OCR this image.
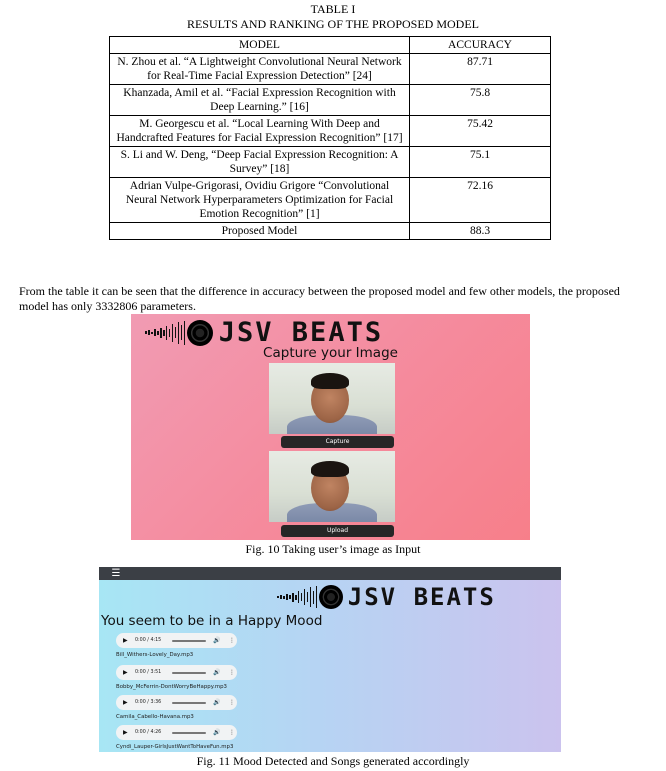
TABLE I
RESULTS AND RANKING OF THE PROPOSED MODEL
MODEL	ACCURACY
N. Zhou et al. “A Lightweight Convolutional Neural Network for Real-Time Facial Expression Detection” [24]	87.71
Khanzada, Amil et al. “Facial Expression Recognition with Deep Learning.” [16]	75.8
M. Georgescu et al. “Local Learning With Deep and Handcrafted Features for Facial Expression Recognition” [17]	75.42
S. Li and W. Deng, “Deep Facial Expression Recognition: A Survey” [18]	75.1
Adrian Vulpe-Grigorasi, Ovidiu Grigore “Convolutional Neural Network Hyperparameters Optimization for Facial Emotion Recognition” [1]	72.16
Proposed Model	88.3
From the table it can be seen that the difference in accuracy between the proposed model and few other models, the proposed model has only 3332806 parameters.
JSV BEATS
Capture your Image
Capture
Upload
Fig. 10 Taking user’s image as Input
☰
JSV BEATS
You seem to be in a Happy Mood
▶ 0:00 / 4:15	🔊 ⋮
Bill_Withers-Lovely_Day.mp3
▶ 0:00 / 3:51	🔊 ⋮
Bobby_McFerrin-DontWorryBeHappy.mp3
▶ 0:00 / 3:36	🔊 ⋮
Camila_Cabello-Havana.mp3
▶ 0:00 / 4:26	🔊 ⋮
Cyndi_Lauper-GirlsJustWantToHaveFun.mp3
Fig. 11 Mood Detected and Songs generated accordingly
